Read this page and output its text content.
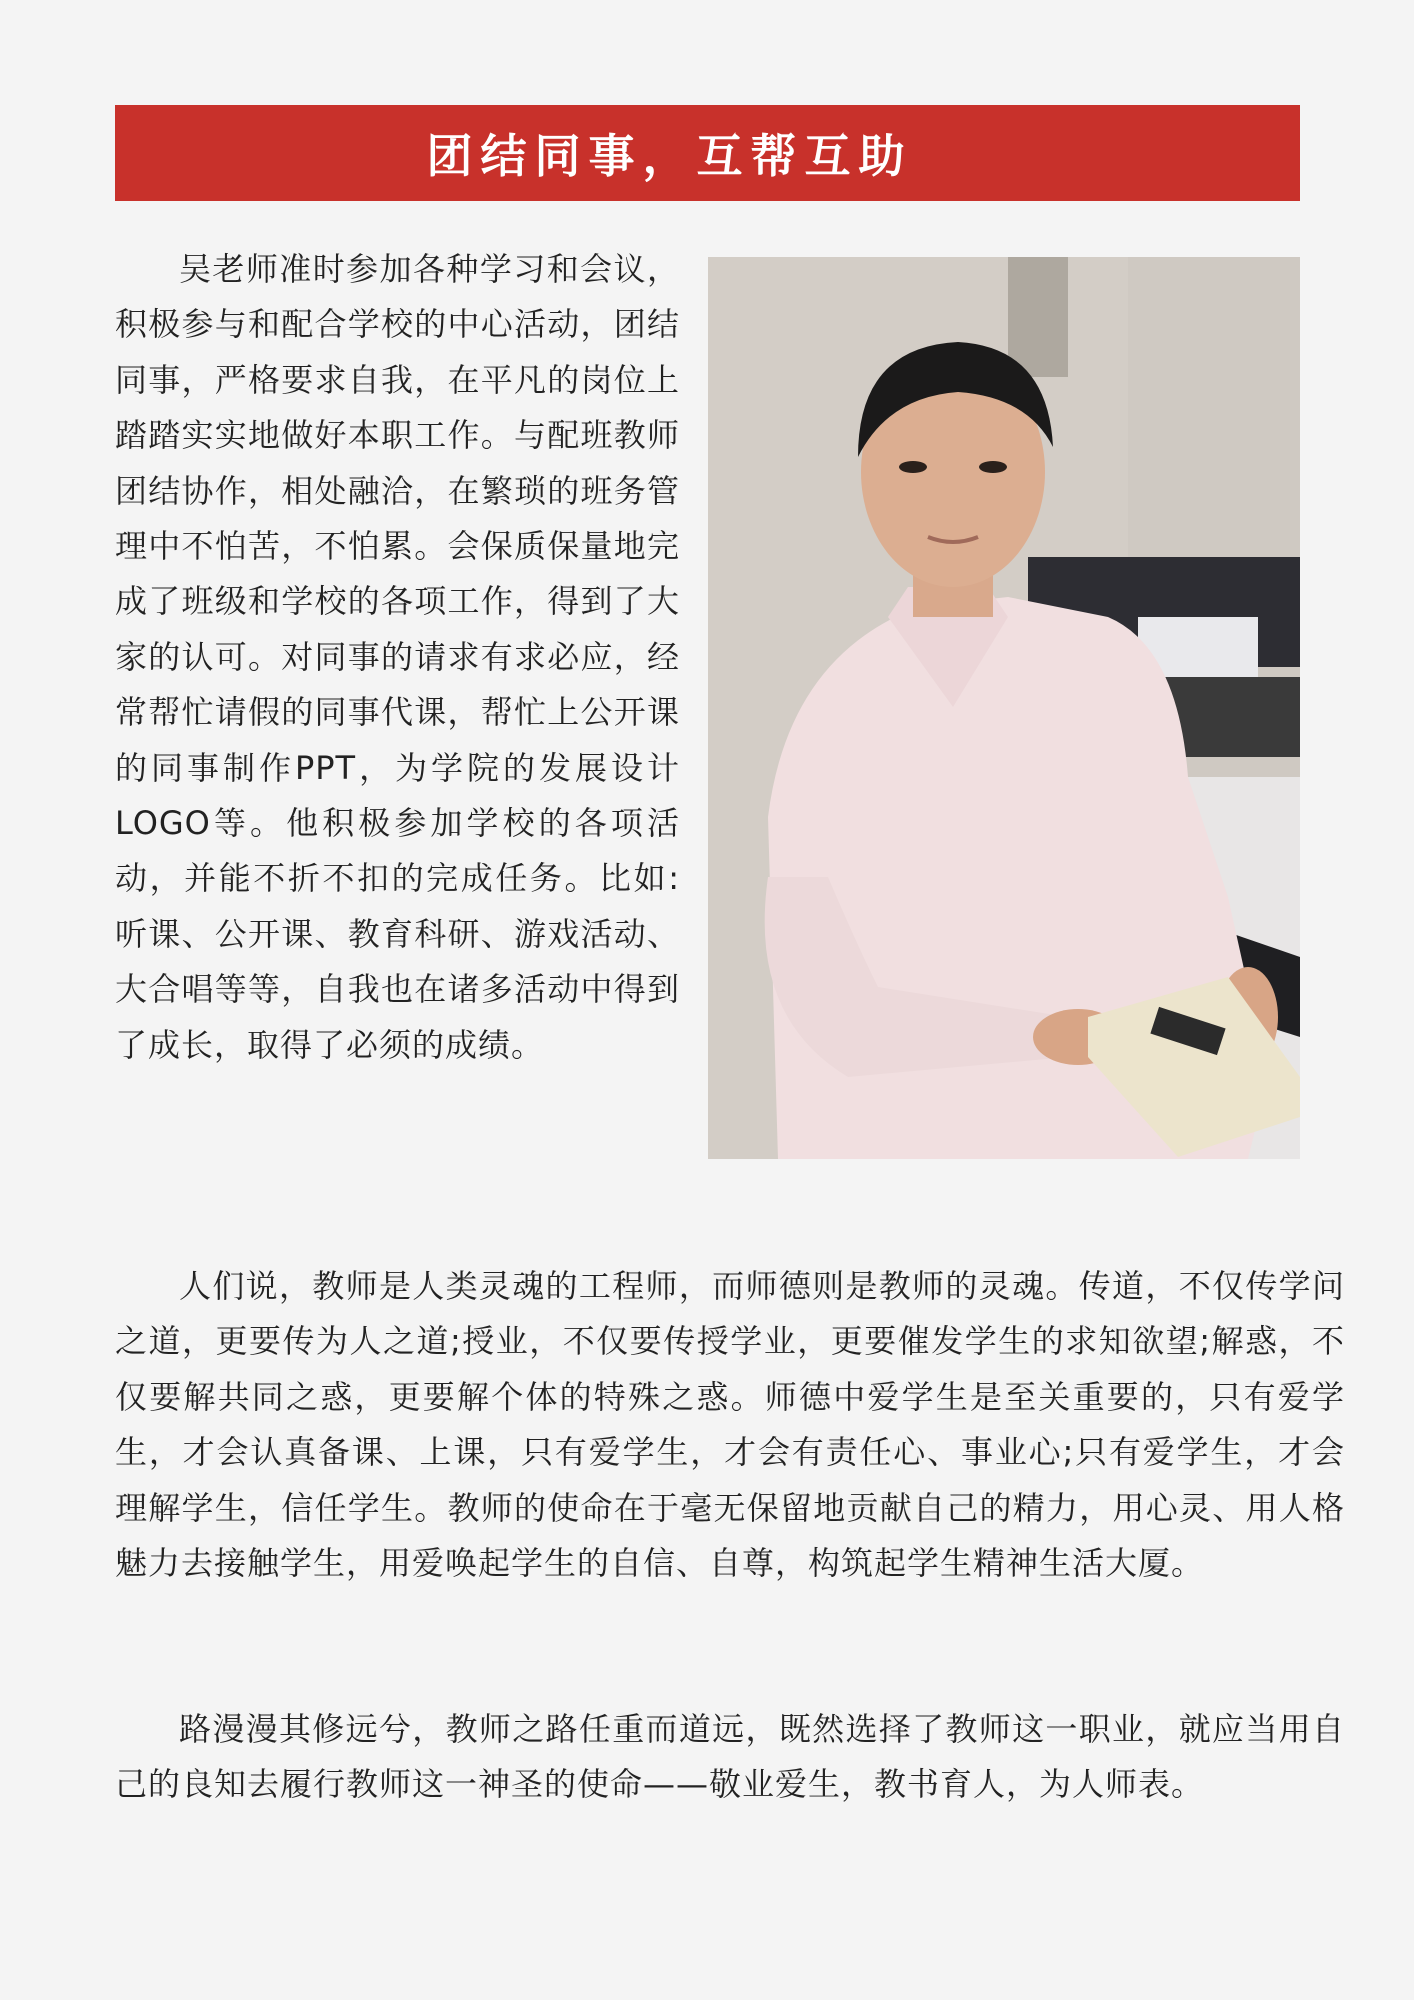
团结同事，互帮互助

吴老师准时参加各种学习和会议，积极参与和配合学校的中心活动，团结同事，严格要求自我，在平凡的岗位上踏踏实实地做好本职工作。与配班教师团结协作，相处融洽，在繁琐的班务管理中不怕苦，不怕累。会保质保量地完成了班级和学校的各项工作，得到了大家的认可。对同事的请求有求必应，经常帮忙请假的同事代课，帮忙上公开课的同事制作PPT，为学院的发展设计LOGO等。他积极参加学校的各项活动，并能不折不扣的完成任务。比如:听课、公开课、教育科研、游戏活动、大合唱等等，自我也在诸多活动中得到了成长，取得了必须的成绩。

人们说，教师是人类灵魂的工程师，而师德则是教师的灵魂。传道，不仅传学问之道，更要传为人之道;授业，不仅要传授学业，更要催发学生的求知欲望;解惑，不仅要解共同之惑，更要解个体的特殊之惑。师德中爱学生是至关重要的，只有爱学生，才会认真备课、上课，只有爱学生，才会有责任心、事业心;只有爱学生，才会理解学生，信任学生。教师的使命在于毫无保留地贡献自己的精力，用心灵、用人格魅力去接触学生，用爱唤起学生的自信、自尊，构筑起学生精神生活大厦。

路漫漫其修远兮，教师之路任重而道远，既然选择了教师这一职业，就应当用自己的良知去履行教师这一神圣的使命——敬业爱生，教书育人，为人师表。
